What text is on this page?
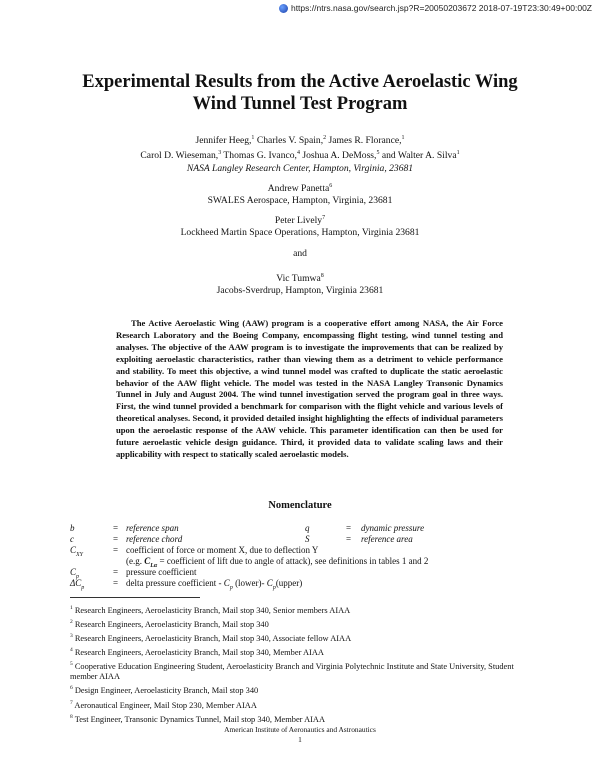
https://ntrs.nasa.gov/search.jsp?R=20050203672 2018-07-19T23:30:49+00:00Z
Experimental Results from the Active Aeroelastic Wing
Wind Tunnel Test Program
Jennifer Heeg,$^1$ Charles V. Spain,$^2$ James R. Florance,$^1$
Carol D. Wieseman,$^3$ Thomas G. Ivanco,$^4$ Joshua A. DeMoss,$^5$ and Walter A. Silva$^1$
NASA Langley Research Center, Hampton, Virginia, 23681
Andrew Panetta$^6$
SWALES Aerospace, Hampton, Virginia, 23681
Peter Lively$^7$
Lockheed Martin Space Operations, Hampton, Virginia 23681
and
Vic Tumwa$^8$
Jacobs-Sverdrup, Hampton, Virginia 23681

The Active Aeroelastic Wing (AAW) program is a cooperative effort among NASA, the Air Force Research Laboratory and the Boeing Company, encompassing flight testing, wind tunnel testing and analyses. The objective of the AAW program is to investigate the improvements that can be realized by exploiting aeroelastic characteristics, rather than viewing them as a detriment to vehicle performance and stability. To meet this objective, a wind tunnel model was crafted to duplicate the static aeroelastic behavior of the AAW flight vehicle. The model was tested in the NASA Langley Transonic Dynamics Tunnel in July and August 2004. The wind tunnel investigation served the program goal in three ways. First, the wind tunnel provided a benchmark for comparison with the flight vehicle and various levels of theoretical analyses. Second, it provided detailed insight highlighting the effects of individual parameters upon the aeroelastic response of the AAW vehicle. This parameter identification can then be used for future aeroelastic vehicle design guidance. Third, it provided data to validate scaling laws and their applicability with respect to statically scaled aeroelastic models.

Nomenclature
b	= reference span	q	= dynamic pressure
c	= reference chord	S	= reference area
$C_{XY}$	= coefficient of force or moment X, due to deflection Y
(e.g. $C_{L\alpha}$ = coefficient of lift due to angle of attack), see definitions in tables 1 and 2
$C_p$	= pressure coefficient
$\Delta C_p$	= delta pressure coefficient - $C_p$ (lower)- $C_p(upper)$

$^1$ Research Engineers, Aeroelasticity Branch, Mail stop 340, Senior members AIAA

$^2$ Research Engineers, Aeroelasticity Branch, Mail stop 340

$^3$ Research Engineers, Aeroelasticity Branch, Mail stop 340, Associate fellow AIAA

$^4$ Research Engineers, Aeroelasticity Branch, Mail stop 340, Member AIAA

$^5$ Cooperative Education Engineering Student, Aeroelasticity Branch and Virginia Polytechnic Institute and State University, Student member AIAA

$^6$ Design Engineer, Aeroelasticity Branch, Mail stop 340

$^7$ Aeronautical Engineer, Mail Stop 230, Member AIAA

$^8$ Test Engineer, Transonic Dynamics Tunnel, Mail stop 340, Member AIAA

American Institute of Aeronautics and Astronautics
1
